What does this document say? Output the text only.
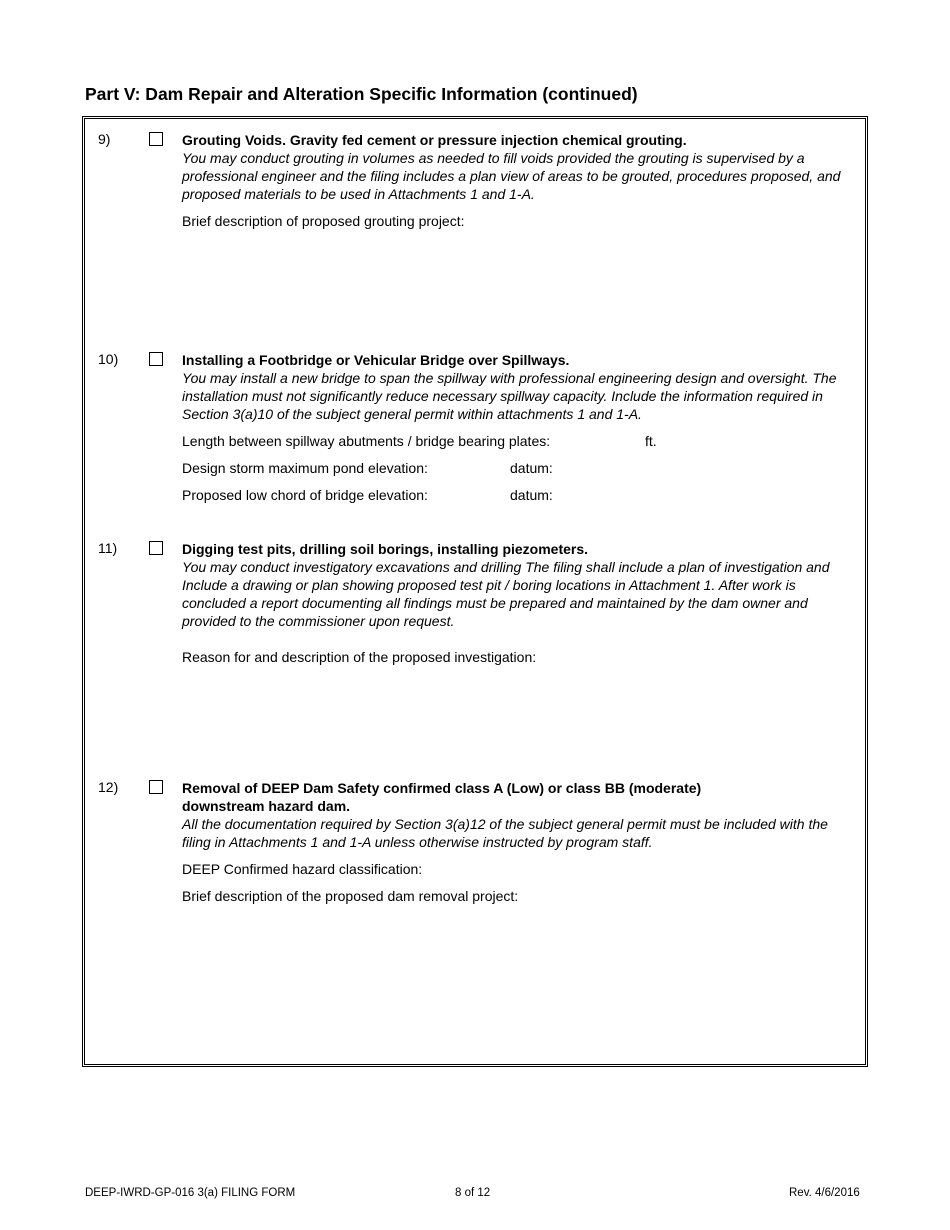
Part V: Dam Repair and Alteration Specific Information (continued)
9)	Grouting Voids. Gravity fed cement or pressure injection chemical grouting.
You may conduct grouting in volumes as needed to fill voids provided the grouting is supervised by a professional engineer and the filing includes a plan view of areas to be grouted, procedures proposed, and proposed materials to be used in Attachments 1 and 1-A.
Brief description of proposed grouting project:
10)	Installing a Footbridge or Vehicular Bridge over Spillways.
You may install a new bridge to span the spillway with professional engineering design and oversight. The installation must not significantly reduce necessary spillway capacity. Include the information required in Section 3(a)10 of the subject general permit within attachments 1 and 1-A.
Length between spillway abutments / bridge bearing plates:	ft.
Design storm maximum pond elevation:	datum:
Proposed low chord of bridge elevation:	datum:
11)	Digging test pits, drilling soil borings, installing piezometers.
You may conduct investigatory excavations and drilling The filing shall include a plan of investigation and Include a drawing or plan showing proposed test pit / boring locations in Attachment 1. After work is concluded a report documenting all findings must be prepared and maintained by the dam owner and provided to the commissioner upon request.
Reason for and description of the proposed investigation:
12)	Removal of DEEP Dam Safety confirmed class A (Low) or class BB (moderate) downstream hazard dam.
All the documentation required by Section 3(a)12 of the subject general permit must be included with the filing in Attachments 1 and 1-A unless otherwise instructed by program staff.
DEEP Confirmed hazard classification:
Brief description of the proposed dam removal project:
DEEP-IWRD-GP-016 3(a) FILING FORM	8 of 12	Rev. 4/6/2016
